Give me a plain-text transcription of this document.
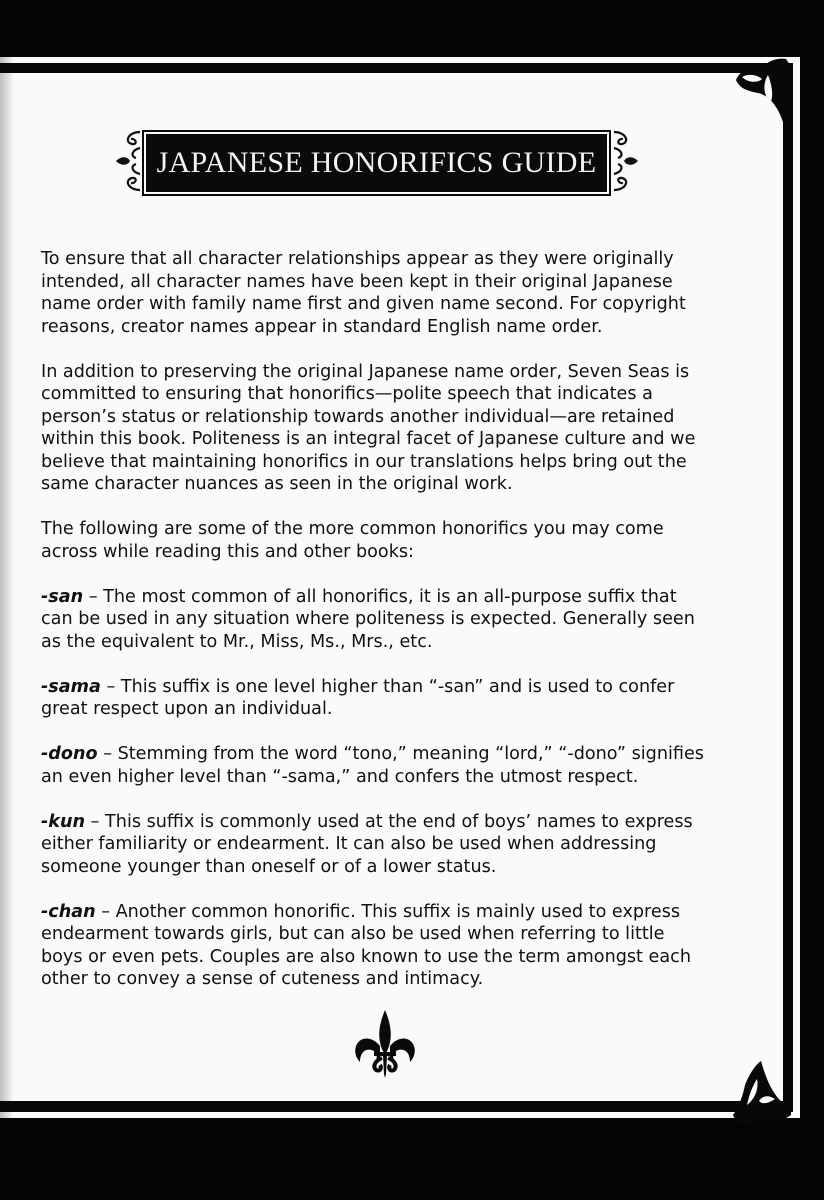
JAPANESE HONORIFICS GUIDE

To ensure that all character relationships appear as they were originally
intended, all character names have been kept in their original Japanese
name order with family name first and given name second. For copyright
reasons, creator names appear in standard English name order.

In addition to preserving the original Japanese name order, Seven Seas is
committed to ensuring that honorifics—polite speech that indicates a
person’s status or relationship towards another individual—are retained
within this book. Politeness is an integral facet of Japanese culture and we
believe that maintaining honorifics in our translations helps bring out the
same character nuances as seen in the original work.

The following are some of the more common honorifics you may come
across while reading this and other books:

-san – The most common of all honorifics, it is an all-purpose suffix that
can be used in any situation where politeness is expected. Generally seen
as the equivalent to Mr., Miss, Ms., Mrs., etc.

-sama – This suffix is one level higher than “-san” and is used to confer
great respect upon an individual.

-dono – Stemming from the word “tono,” meaning “lord,” “-dono” signifies
an even higher level than “-sama,” and confers the utmost respect.

-kun – This suffix is commonly used at the end of boys’ names to express
either familiarity or endearment. It can also be used when addressing
someone younger than oneself or of a lower status.

-chan – Another common honorific. This suffix is mainly used to express
endearment towards girls, but can also be used when referring to little
boys or even pets. Couples are also known to use the term amongst each
other to convey a sense of cuteness and intimacy.
